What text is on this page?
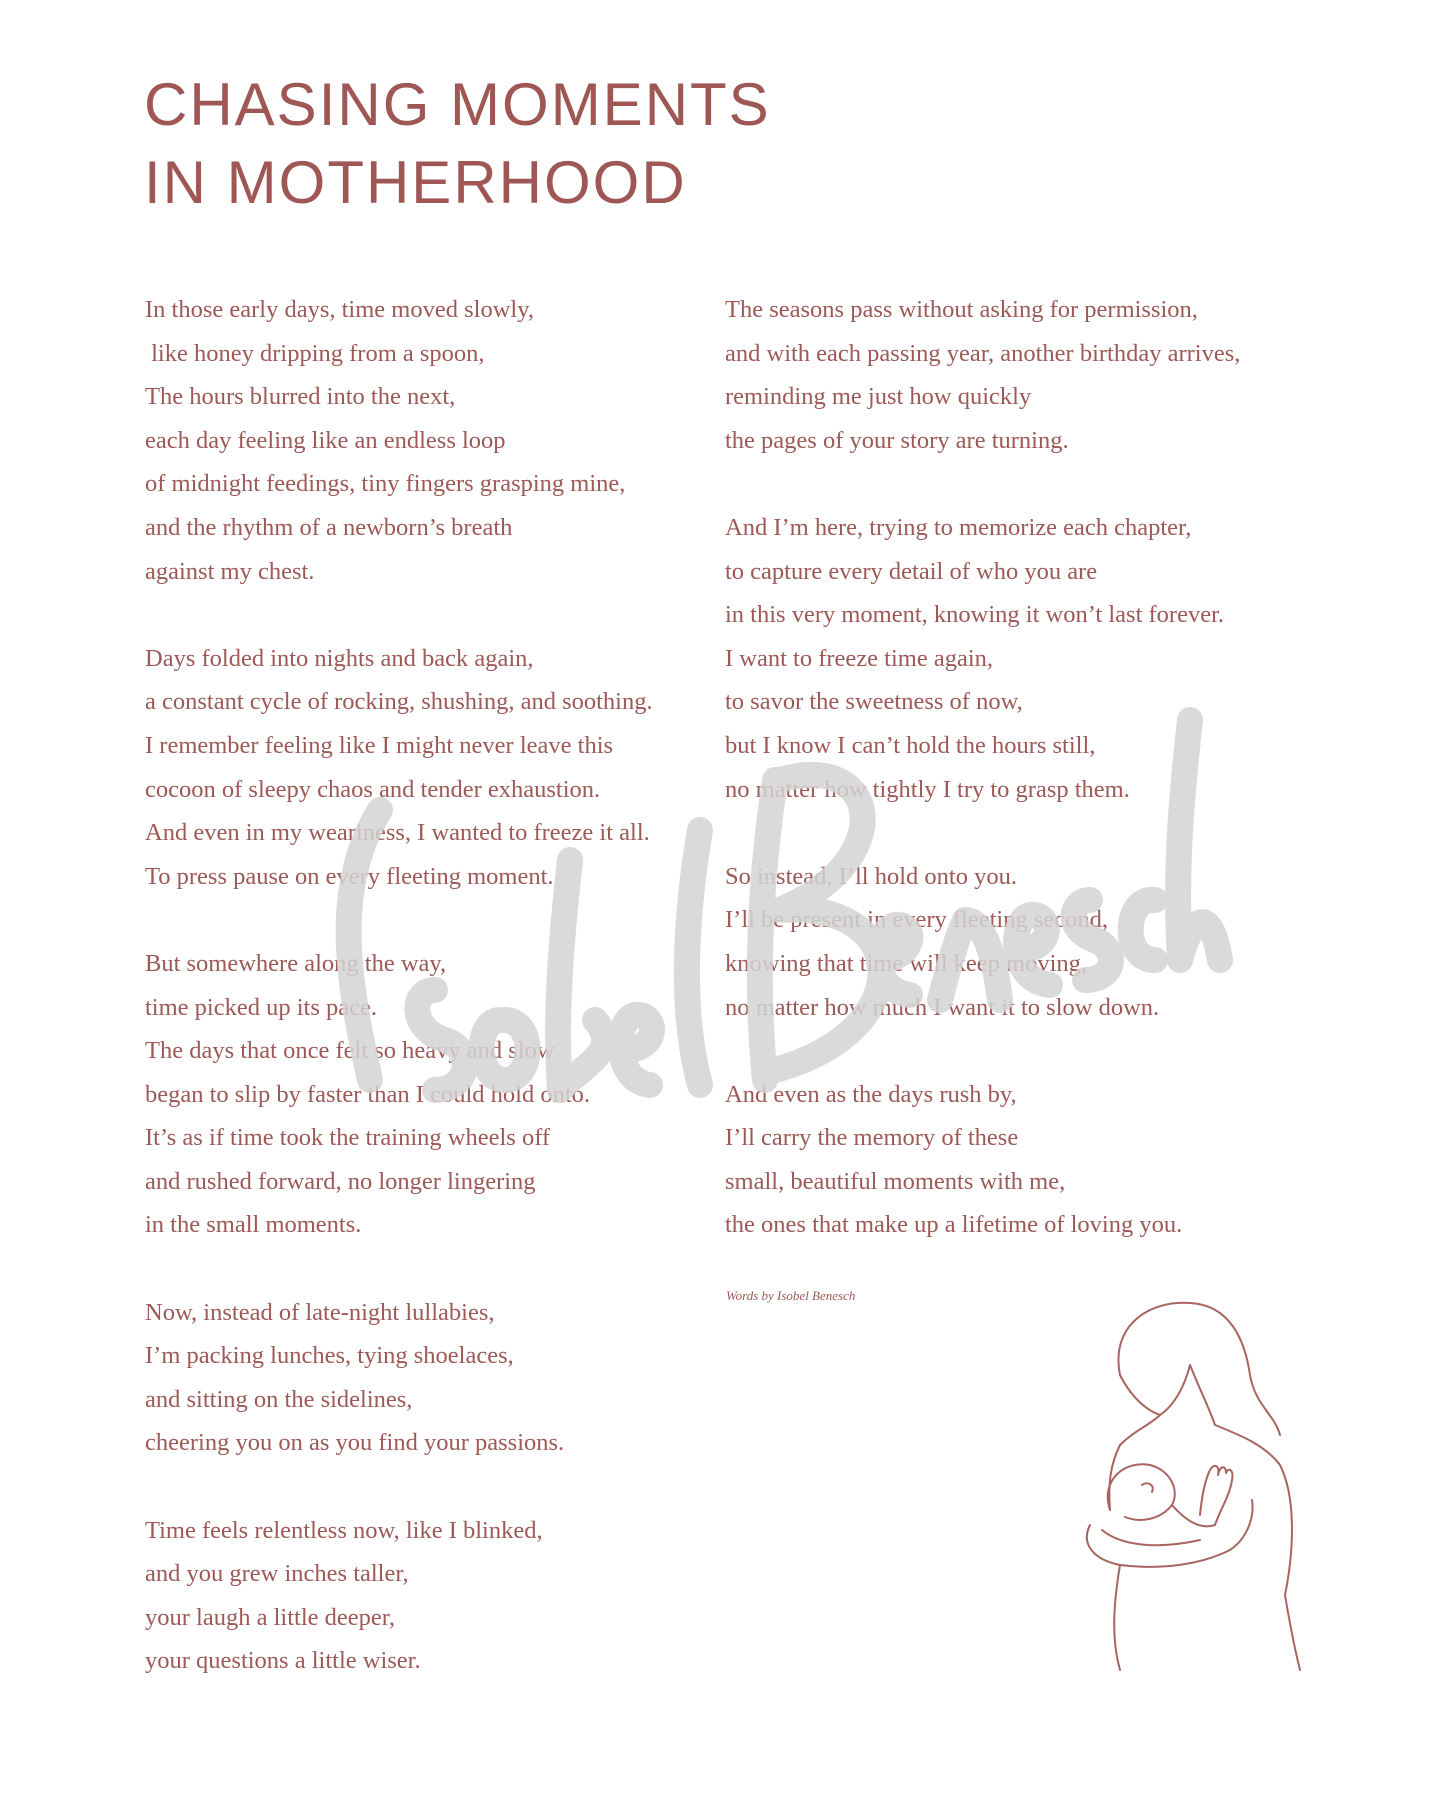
CHASING MOMENTS
IN MOTHERHOOD
In those early days, time moved slowly,
like honey dripping from a spoon,
The hours blurred into the next,
each day feeling like an endless loop
of midnight feedings, tiny fingers grasping mine,
and the rhythm of a newborn’s breath
against my chest.
Days folded into nights and back again,
a constant cycle of rocking, shushing, and soothing.
I remember feeling like I might never leave this
cocoon of sleepy chaos and tender exhaustion.
And even in my weariness, I wanted to freeze it all.
To press pause on every fleeting moment.
But somewhere along the way,
time picked up its pace.
The days that once felt so heavy and slow
began to slip by faster than I could hold onto.
It’s as if time took the training wheels off
and rushed forward, no longer lingering
in the small moments.
Now, instead of late-night lullabies,
I’m packing lunches, tying shoelaces,
and sitting on the sidelines,
cheering you on as you find your passions.
Time feels relentless now, like I blinked,
and you grew inches taller,
your laugh a little deeper,
your questions a little wiser.
The seasons pass without asking for permission,
and with each passing year, another birthday arrives,
reminding me just how quickly
the pages of your story are turning.
And I’m here, trying to memorize each chapter,
to capture every detail of who you are
in this very moment, knowing it won’t last forever.
I want to freeze time again,
to savor the sweetness of now,
but I know I can’t hold the hours still,
no matter how tightly I try to grasp them.
So instead, I’ll hold onto you.
I’ll be present in every fleeting second,
knowing that time will keep moving,
no matter how much I want it to slow down.
And even as the days rush by,
I’ll carry the memory of these
small, beautiful moments with me,
the ones that make up a lifetime of loving you.
Words by Isobel Benesch
